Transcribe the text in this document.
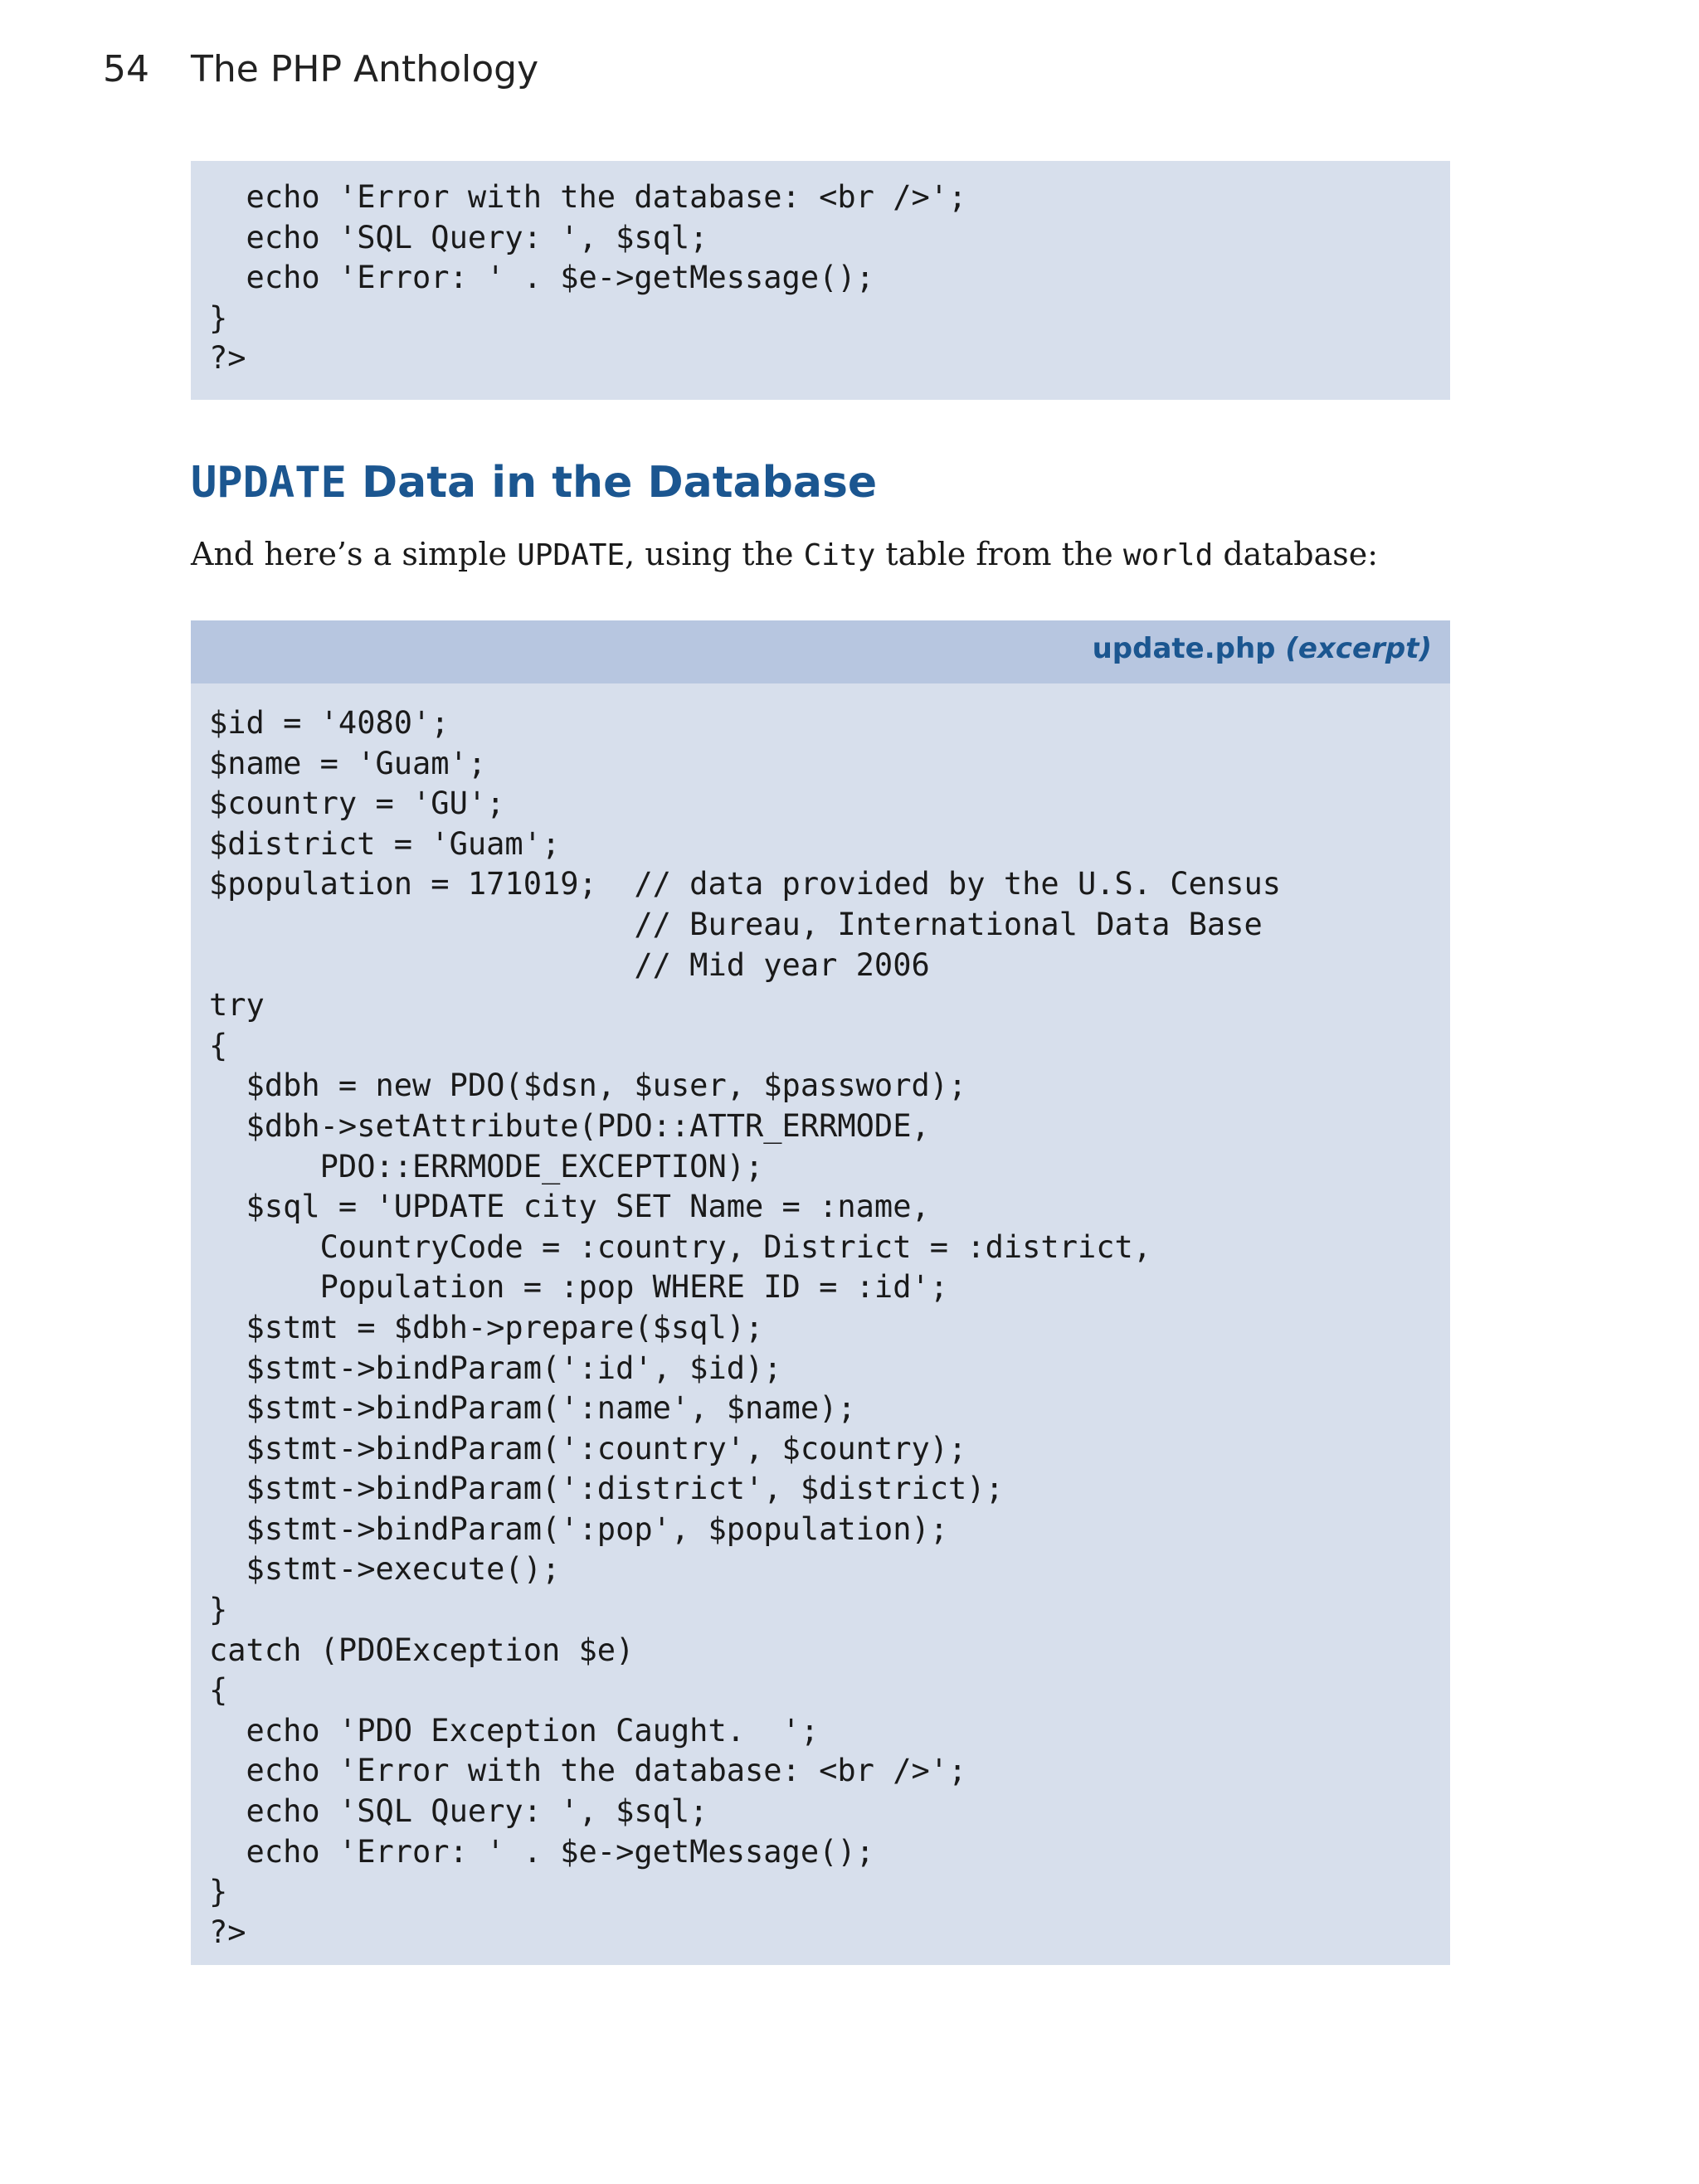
54 The PHP Anthology
echo 'Error with the database: <br />';
echo 'SQL Query: ', $sql;
echo 'Error: ' . $e->getMessage();
}
?>
UPDATE Data in the Database

And here’s a simple UPDATE, using the City table from the world database:

update.php (excerpt)
$id = '4080';
$name = 'Guam';
$country = 'GU';
$district = 'Guam';
$population = 171019;  // data provided by the U.S. Census
// Bureau, International Data Base
// Mid year 2006
try
{
$dbh = new PDO($dsn, $user, $password);
$dbh->setAttribute(PDO::ATTR_ERRMODE,
PDO::ERRMODE_EXCEPTION);
$sql = 'UPDATE city SET Name = :name,
CountryCode = :country, District = :district,
Population = :pop WHERE ID = :id';
$stmt = $dbh->prepare($sql);
$stmt->bindParam(':id', $id);
$stmt->bindParam(':name', $name);
$stmt->bindParam(':country', $country);
$stmt->bindParam(':district', $district);
$stmt->bindParam(':pop', $population);
$stmt->execute();
}
catch (PDOException $e)
{
echo 'PDO Exception Caught.  ';
echo 'Error with the database: <br />';
echo 'SQL Query: ', $sql;
echo 'Error: ' . $e->getMessage();
}
?>
